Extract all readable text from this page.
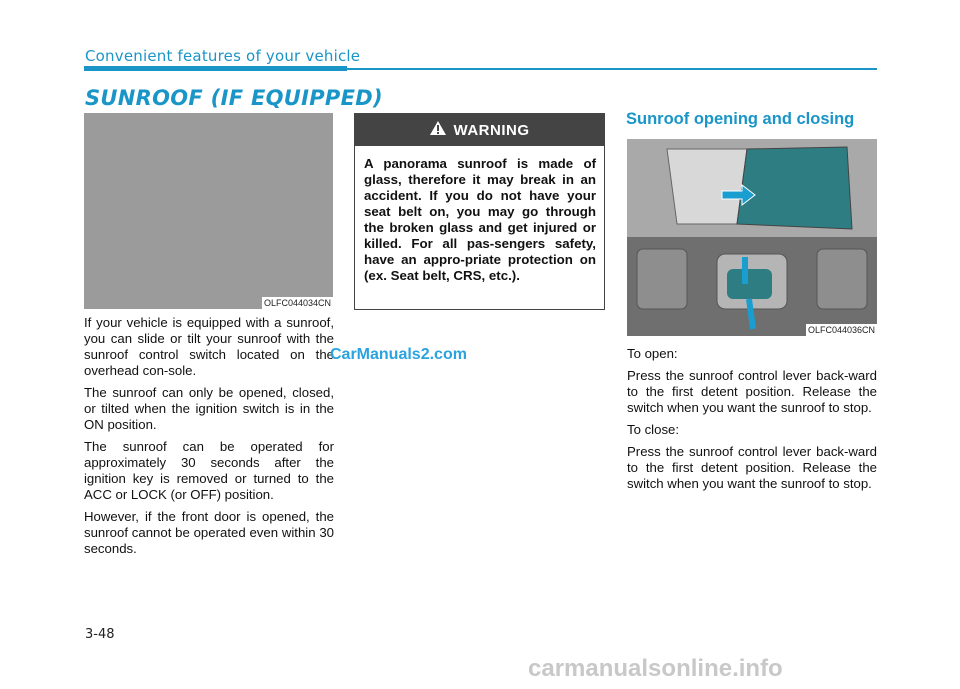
Convenient features of your vehicle
SUNROOF (IF EQUIPPED)
OLFC044034CN

If your vehicle is equipped with a sunroof, you can slide or tilt your sunroof with the sunroof control switch located on the overhead con-sole.

The sunroof can only be opened, closed, or tilted when the ignition switch is in the ON position.

The sunroof can be operated for approximately 30 seconds after the ignition key is removed or turned to the ACC or LOCK (or OFF) position.

However, if the front door is opened, the sunroof cannot be operated even within 30 seconds.

CarManuals2.com
WARNING
A panorama sunroof is made of glass, therefore it may break in an accident. If you do not have your seat belt on, you may go through the broken glass and get injured or killed. For all pas-sengers safety, have an appro-priate protection on (ex. Seat belt, CRS, etc.).
Sunroof opening and closing
OLFC044036CN

To open:

Press the sunroof control lever back-ward to the first detent position. Release the switch when you want the sunroof to stop.

To close:

Press the sunroof control lever back-ward to the first detent position. Release the switch when you want the sunroof to stop.

3-48
carmanualsonline.info
